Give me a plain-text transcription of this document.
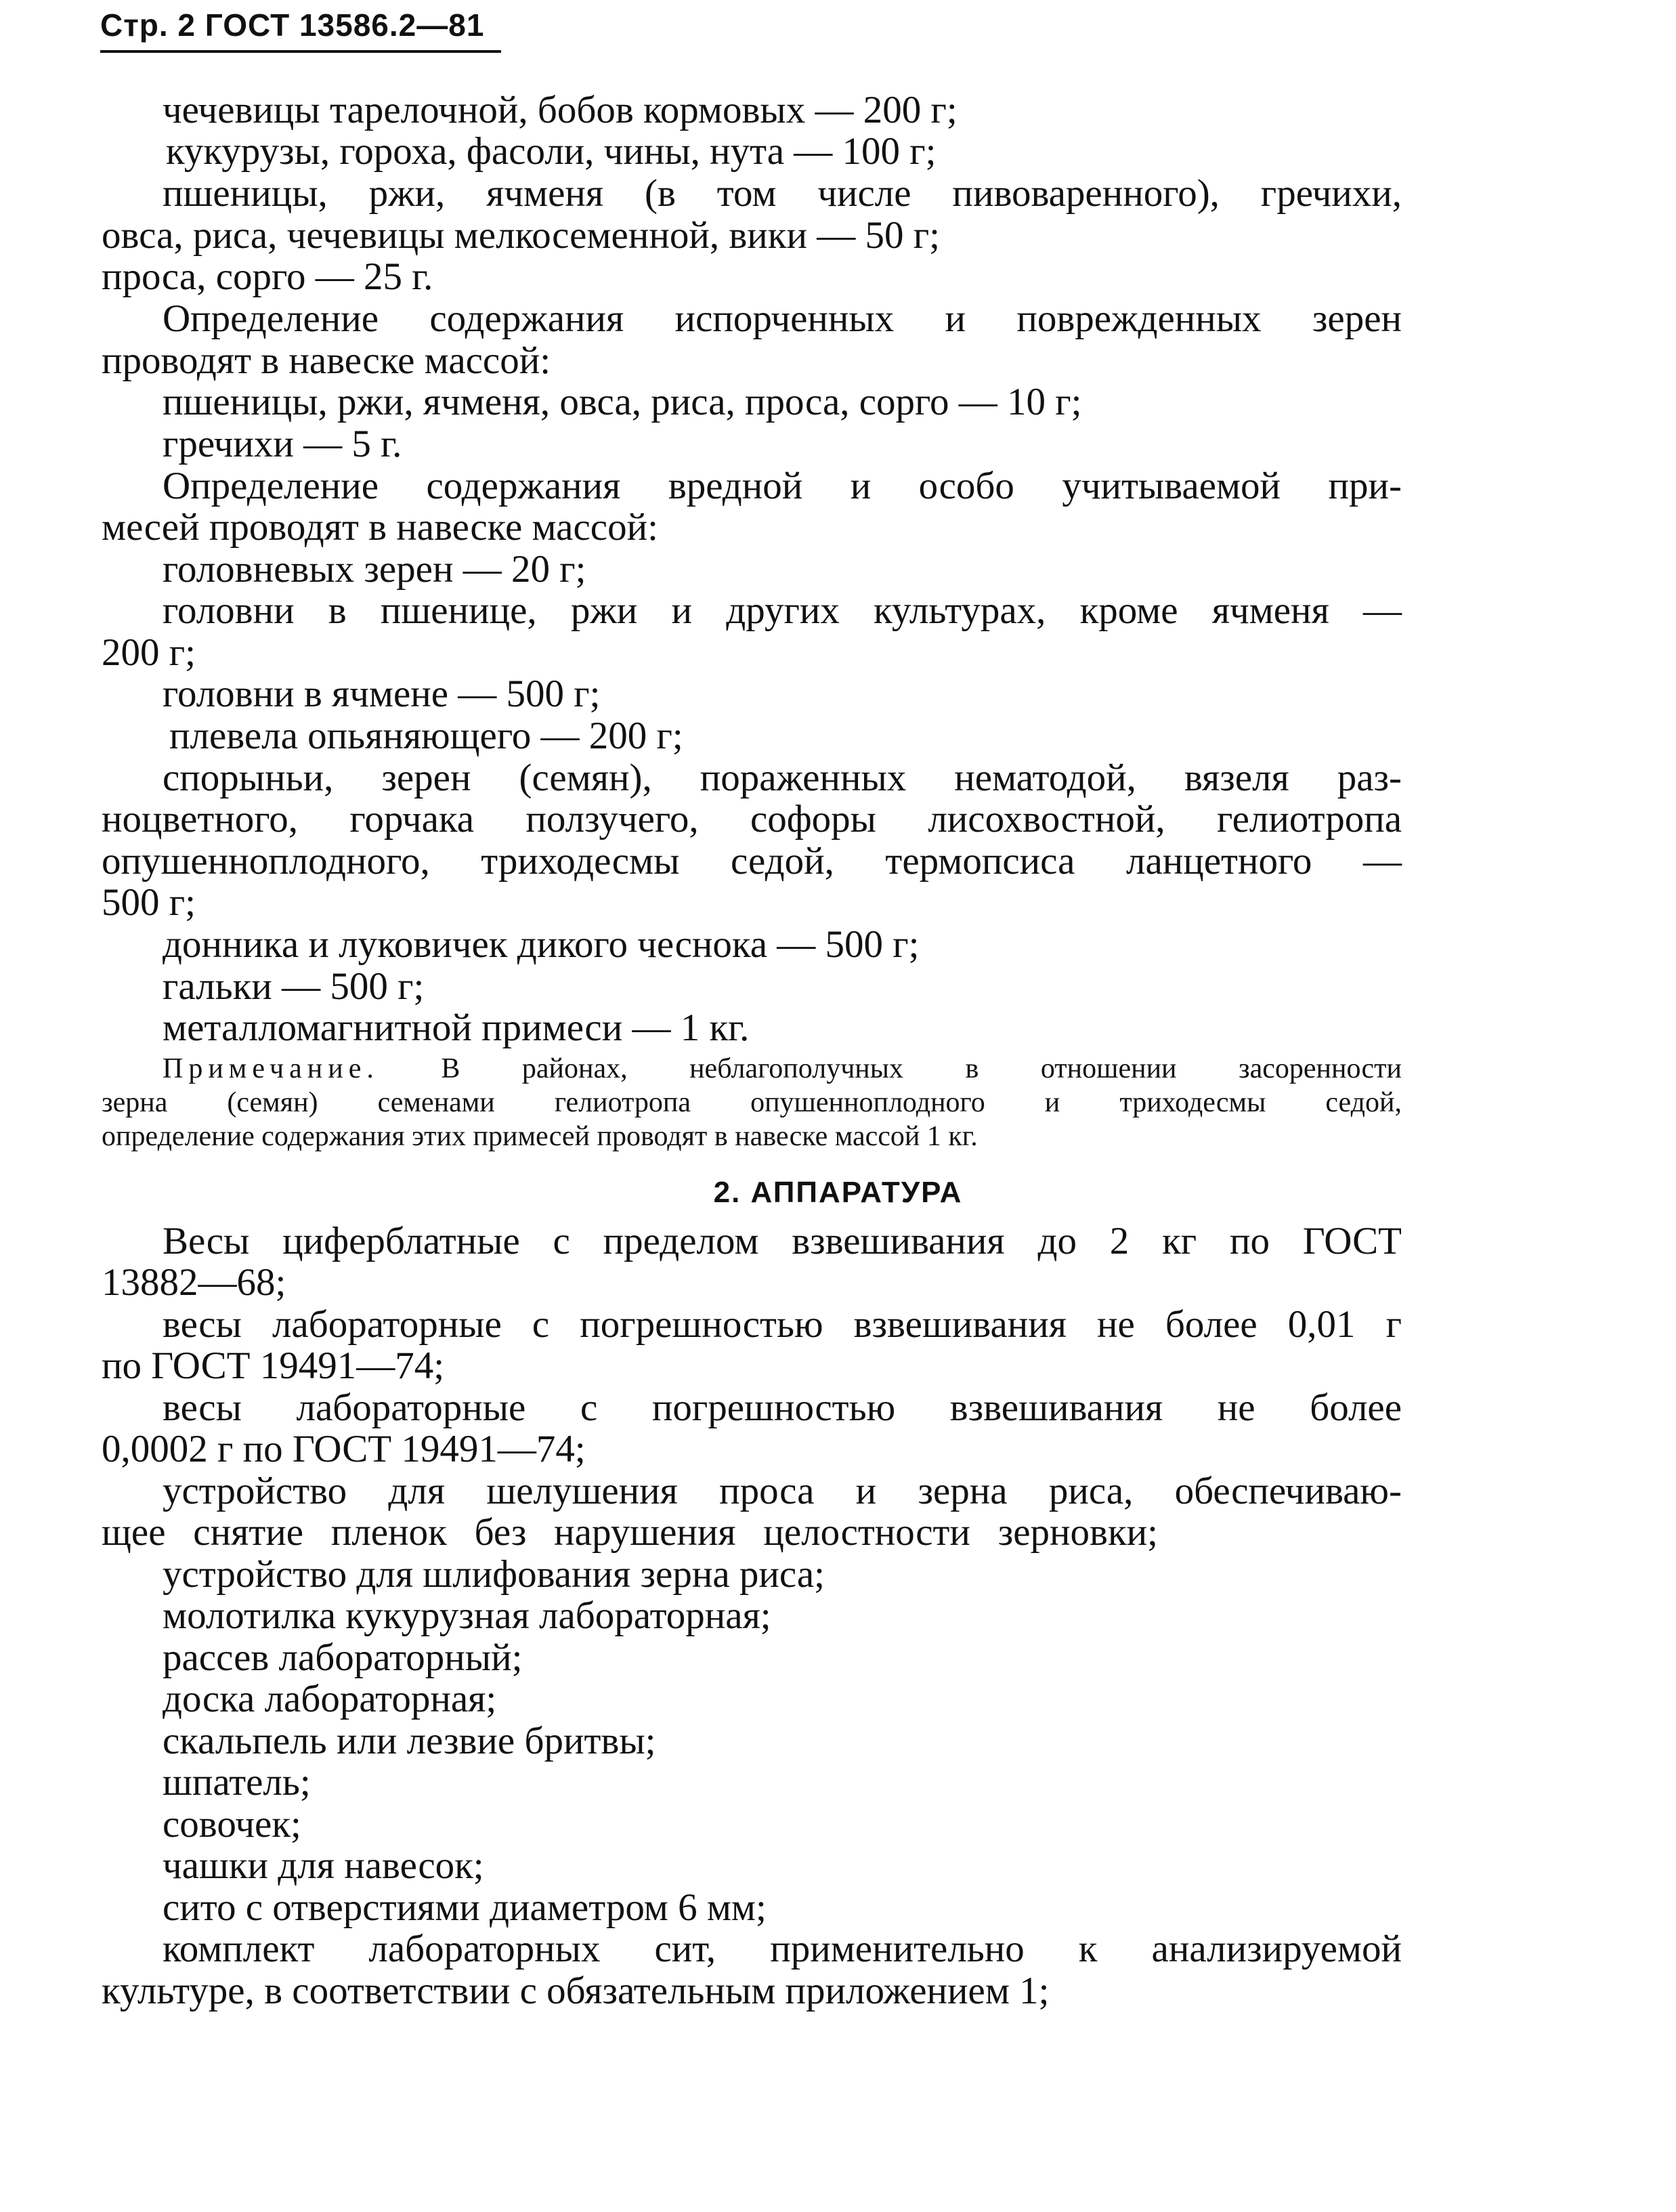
Стр. 2 ГОСТ 13586.2—81
чечевицы тарелочной, бобов кормовых — 200 г;
кукурузы, гороха, фасоли, чины, нута — 100 г;
пшеницы, ржи, ячменя (в том числе пивоваренного), гречихи,
овса, риса, чечевицы мелкосеменной, вики — 50 г;
проса, сорго — 25 г.
Определение содержания испорченных и поврежденных зерен
проводят в навеске массой:
пшеницы, ржи, ячменя, овса, риса, проса, сорго — 10 г;
гречихи — 5 г.
Определение содержания вредной и особо учитываемой при-
месей проводят в навеске массой:
головневых зерен — 20 г;
головни в пшенице, ржи и других культурах, кроме ячменя —
200 г;
головни в ячмене — 500 г;
плевела опьяняющего — 200 г;
спорыньи, зерен (семян), пораженных нематодой, вязеля раз-
ноцветного, горчака ползучего, софоры лисохвостной, гелиотропа
опушенноплодного, триходесмы седой, термопсиса ланцетного —
500 г;
донника и луковичек дикого чеснока — 500 г;
гальки — 500 г;
металломагнитной примеси — 1 кг.
Примечание. В районах, неблагополучных в отношении засоренности
зерна (семян) семенами гелиотропа опушенноплодного и триходесмы седой,
определение содержания этих примесей проводят в навеске массой 1 кг.
2. АППАРАТУРА
Весы циферблатные с пределом взвешивания до 2 кг по ГОСТ
13882—68;
весы лабораторные с погрешностью взвешивания не более 0,01 г
по ГОСТ 19491—74;
весы лабораторные с погрешностью взвешивания не более
0,0002 г по ГОСТ 19491—74;
устройство для шелушения проса и зерна риса, обеспечиваю-
щее снятие пленок без нарушения целостности зерновки;
устройство для шлифования зерна риса;
молотилка кукурузная лабораторная;
рассев лабораторный;
доска лабораторная;
скальпель или лезвие бритвы;
шпатель;
совочек;
чашки для навесок;
сито с отверстиями диаметром 6 мм;
комплект лабораторных сит, применительно к анализируемой
культуре, в соответствии с обязательным приложением 1;
